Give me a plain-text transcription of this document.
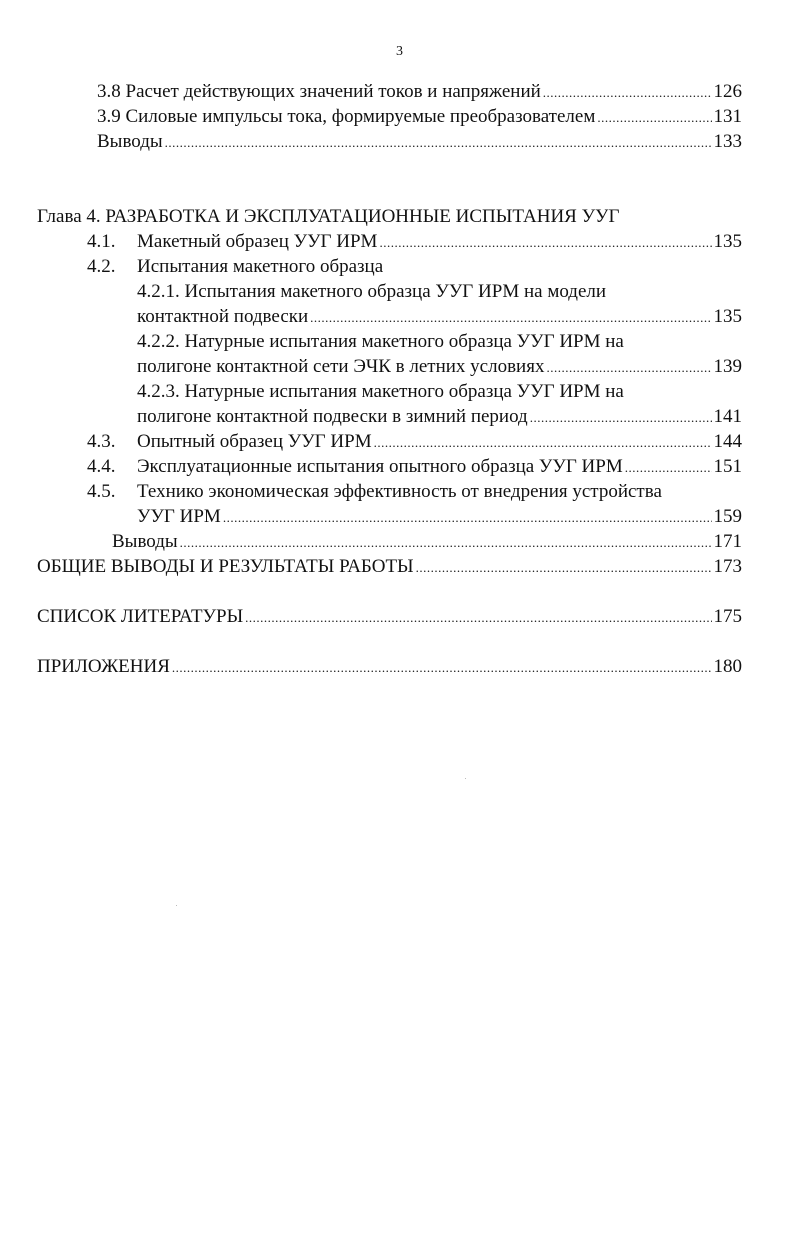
3
3.8 Расчет действующих значений токов и напряжений .....	126
3.9 Силовые импульсы тока, формируемые преобразователем .....	131
Выводы .....	133
Глава 4. РАЗРАБОТКА И ЭКСПЛУАТАЦИОННЫЕ ИСПЫТАНИЯ УУГ
4.1.	Макетный образец УУГ ИРМ .....	135
4.2.	Испытания макетного образца
4.2.1. Испытания макетного образца УУГ ИРМ на модели
контактной подвески .....	135
4.2.2. Натурные испытания макетного образца УУГ ИРМ на
полигоне контактной сети ЭЧК в летних условиях .....	139
4.2.3. Натурные испытания макетного образца УУГ ИРМ на
полигоне контактной подвески в зимний период .....	141
4.3.	Опытный образец УУГ ИРМ .....	144
4.4.	Эксплуатационные испытания опытного образца УУГ ИРМ .....	151
4.5.	Технико экономическая эффективность от внедрения устройства
УУГ ИРМ .....	159
Выводы .....	171
ОБЩИЕ ВЫВОДЫ И РЕЗУЛЬТАТЫ РАБОТЫ .....	173
СПИСОК ЛИТЕРАТУРЫ .....	175
ПРИЛОЖЕНИЯ .....	180
